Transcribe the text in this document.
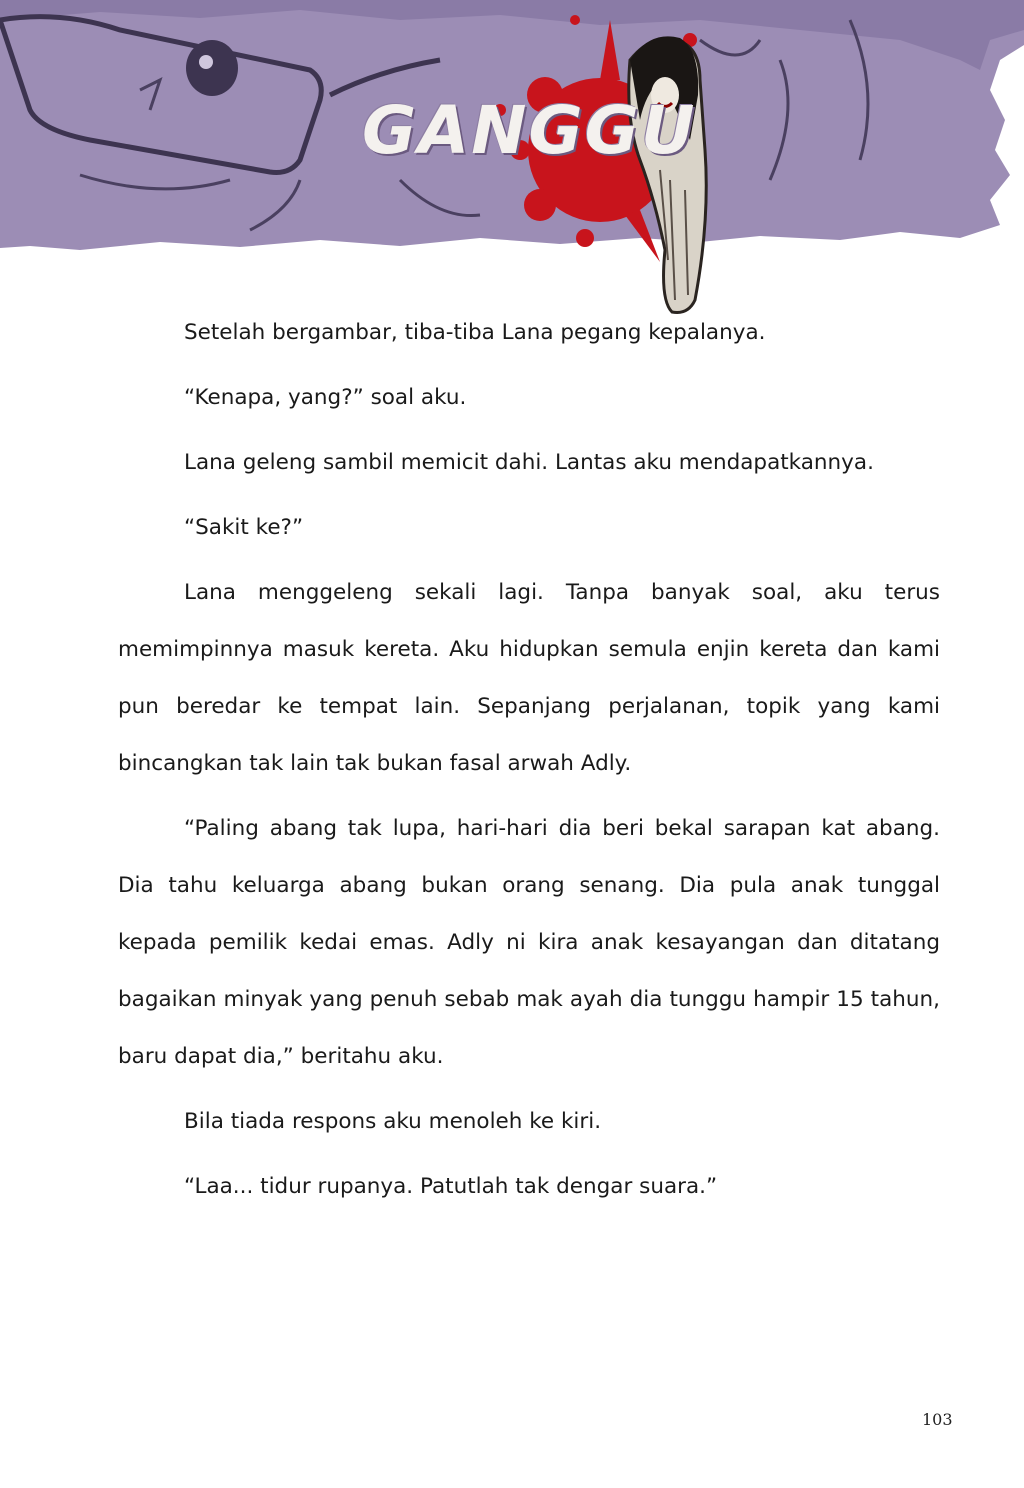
GANGGU

Setelah bergambar, tiba-tiba Lana pegang kepalanya.

“Kenapa, yang?” soal aku.

Lana geleng sambil memicit dahi. Lantas aku mendapatkannya.

“Sakit ke?”

Lana menggeleng sekali lagi. Tanpa banyak soal, aku terus memimpinnya masuk kereta. Aku hidupkan semula enjin kereta dan kami pun beredar ke tempat lain. Sepanjang perjalanan, topik yang kami bincangkan tak lain tak bukan fasal arwah Adly.

“Paling abang tak lupa, hari-hari dia beri bekal sarapan kat abang. Dia tahu keluarga abang bukan orang senang. Dia pula anak tunggal kepada pemilik kedai emas. Adly ni kira anak kesayangan dan ditatang bagaikan minyak yang penuh sebab mak ayah dia tunggu hampir 15 tahun, baru dapat dia,” beritahu aku.

Bila tiada respons aku menoleh ke kiri.

“Laa... tidur rupanya. Patutlah tak dengar suara.”

103
